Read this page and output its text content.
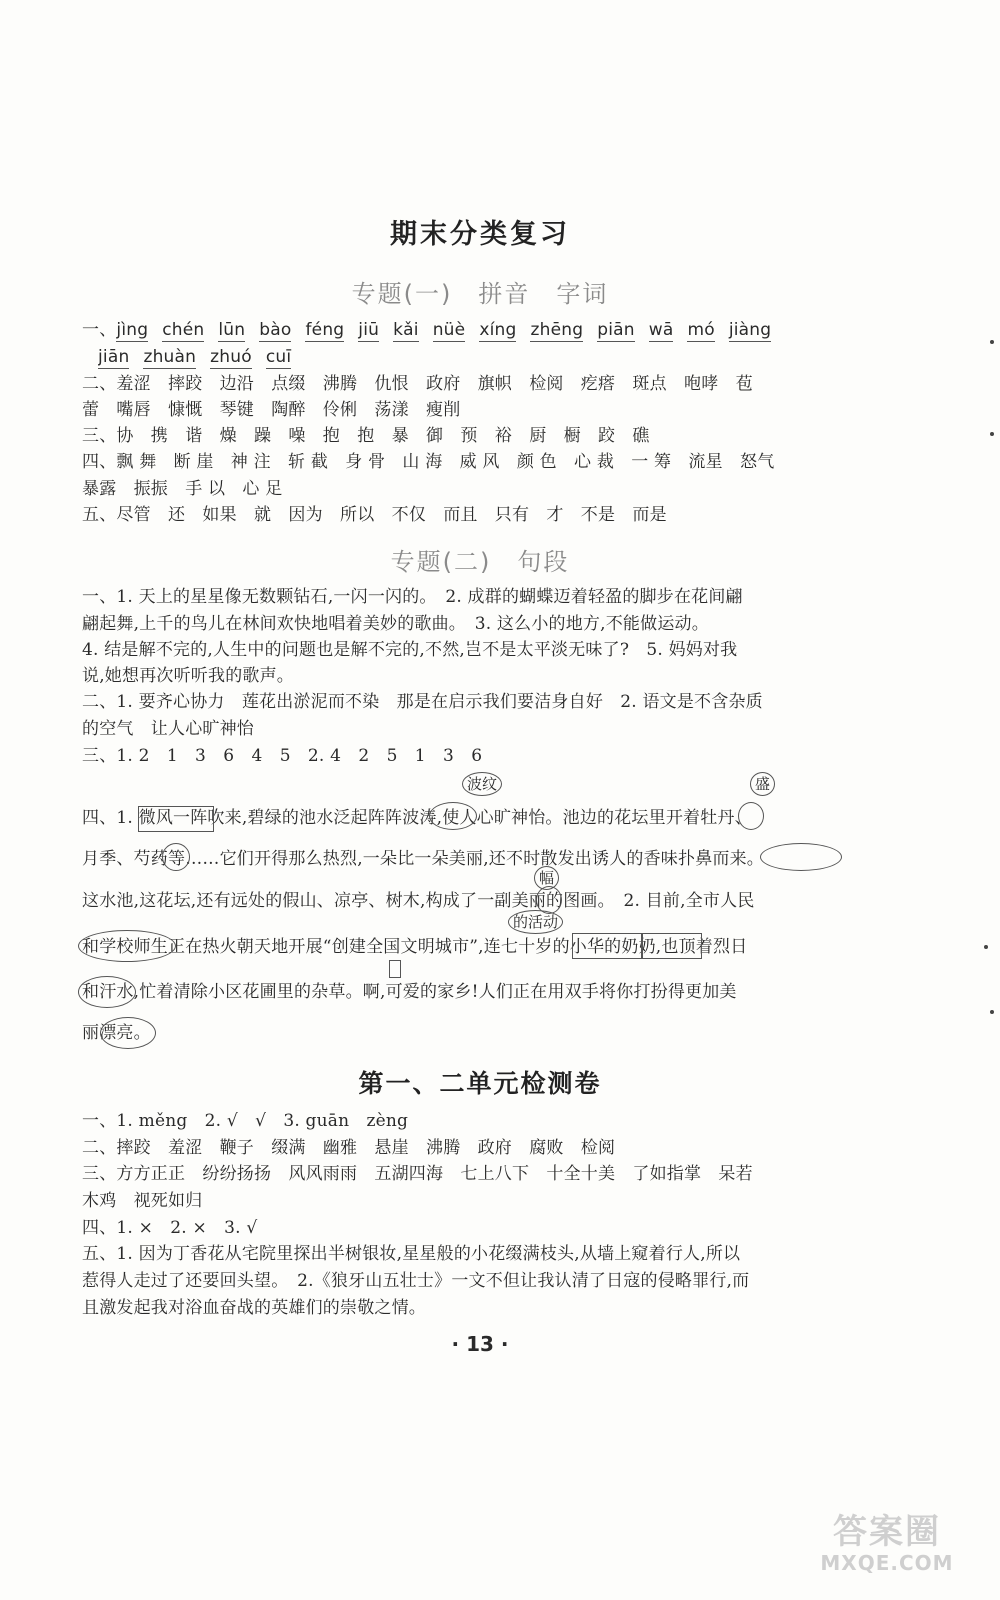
期末分类复习
专题(一)　拼音　字词
一、jìng chén lūn bào féng jiū kǎi nüè xíng zhēng piān wā mó jiàng
jiān zhuàn zhuó cuī
二、羞涩　摔跤　边沿　点缀　沸腾　仇恨　政府　旗帜　检阅　疙瘩　斑点　咆哮　苞
蕾　嘴唇　慷慨　琴键　陶醉　伶俐　荡漾　瘦削
三、协　携　谐　燥　躁　噪　抱　抱　暴　御　预　裕　厨　橱　跤　礁
四、飘 舞　断 崖　神 注　斩 截　身 骨　山 海　威 风　颜 色　心 裁　一 筹　流星　怒气
暴露　振振　手 以　心 足
五、尽管　还　如果　就　因为　所以　不仅　而且　只有　才　不是　而是
专题(二)　句段
一、1. 天上的星星像无数颗钻石,一闪一闪的。　2. 成群的蝴蝶迈着轻盈的脚步在花间翩
翩起舞,上千的鸟儿在林间欢快地唱着美妙的歌曲。　3. 这么小的地方,不能做运动。
4. 结是解不完的,人生中的问题也是解不完的,不然,岂不是太平淡无味了?　5. 妈妈对我
说,她想再次听听我的歌声。
二、1. 要齐心协力　莲花出淤泥而不染　那是在启示我们要洁身自好　2. 语文是不含杂质
的空气　让人心旷神怡
三、1. 2　1　3　6　4　5　2. 4　2　5　1　3　6
四、1. 微风一阵吹来,碧绿的池水泛起阵阵波涛,使人心旷神怡。池边的花坛里开着牡丹、
月季、芍药等……它们开得那么热烈,一朵比一朵美丽,还不时散发出诱人的香味扑鼻而来。
这水池,这花坛,还有远处的假山、凉亭、树木,构成了一副美丽的图画。　2. 目前,全市人民
和学校师生正在热火朝天地开展“创建全国文明城市”,连七十岁的小华的奶奶,也顶着烈日
和汗水,忙着清除小区花圃里的杂草。啊,可爱的家乡!人们正在用双手将你打扮得更加美
丽漂亮。
波纹	盛
幅
的活动
第一、二单元检测卷
一、1. měng　2. √　√　3. guān　zèng
二、摔跤　羞涩　鞭子　缀满　幽雅　悬崖　沸腾　政府　腐败　检阅
三、方方正正　纷纷扬扬　风风雨雨　五湖四海　七上八下　十全十美　了如指掌　呆若
木鸡　视死如归
四、1. ×　2. ×　3. √
五、1. 因为丁香花从宅院里探出半树银妆,星星般的小花缀满枝头,从墙上窥着行人,所以
惹得人走过了还要回头望。　2.《狼牙山五壮士》一文不但让我认清了日寇的侵略罪行,而
且激发起我对浴血奋战的英雄们的崇敬之情。
· 13 ·
答案圈
MXQE.COM
